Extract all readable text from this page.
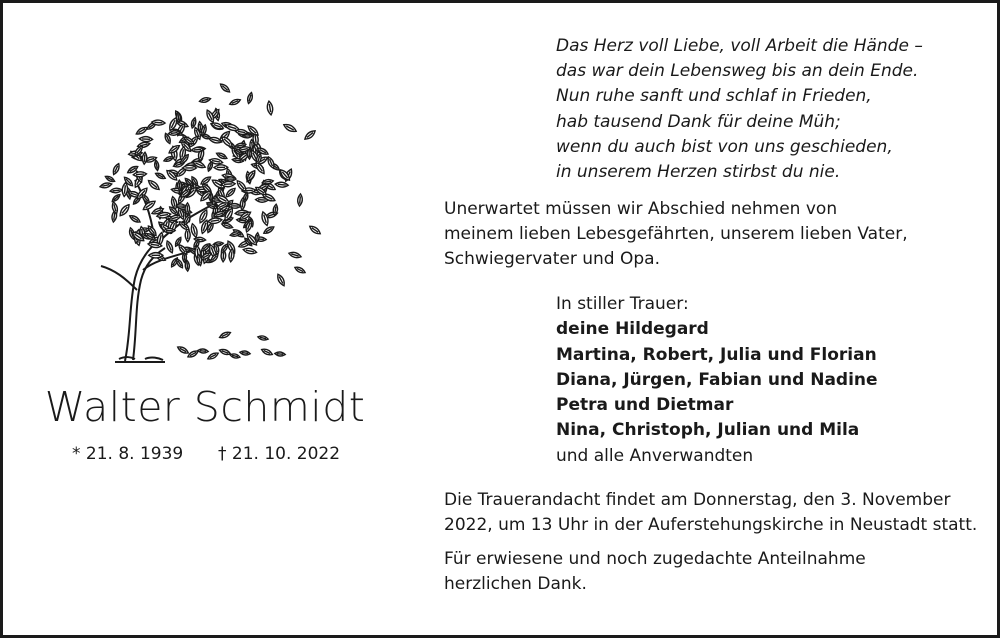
Walter Schmidt
* 21. 8. 1939 † 21. 10. 2022
Das Herz voll Liebe, voll Arbeit die Hände –
das war dein Lebensweg bis an dein Ende.
Nun ruhe sanft und schlaf in Frieden,
hab tausend Dank für deine Müh;
wenn du auch bist von uns geschieden,
in unserem Herzen stirbst du nie.
Unerwartet müssen wir Abschied nehmen von
meinem lieben Lebesgefährten, unserem lieben Vater,
Schwiegervater und Opa.
In stiller Trauer:
deine Hildegard
Martina, Robert, Julia und Florian
Diana, Jürgen, Fabian und Nadine
Petra und Dietmar
Nina, Christoph, Julian und Mila
und alle Anverwandten
Die Trauerandacht findet am Donnerstag, den 3. November
2022, um 13 Uhr in der Auferstehungskirche in Neustadt statt.
Für erwiesene und noch zugedachte Anteilnahme
herzlichen Dank.
